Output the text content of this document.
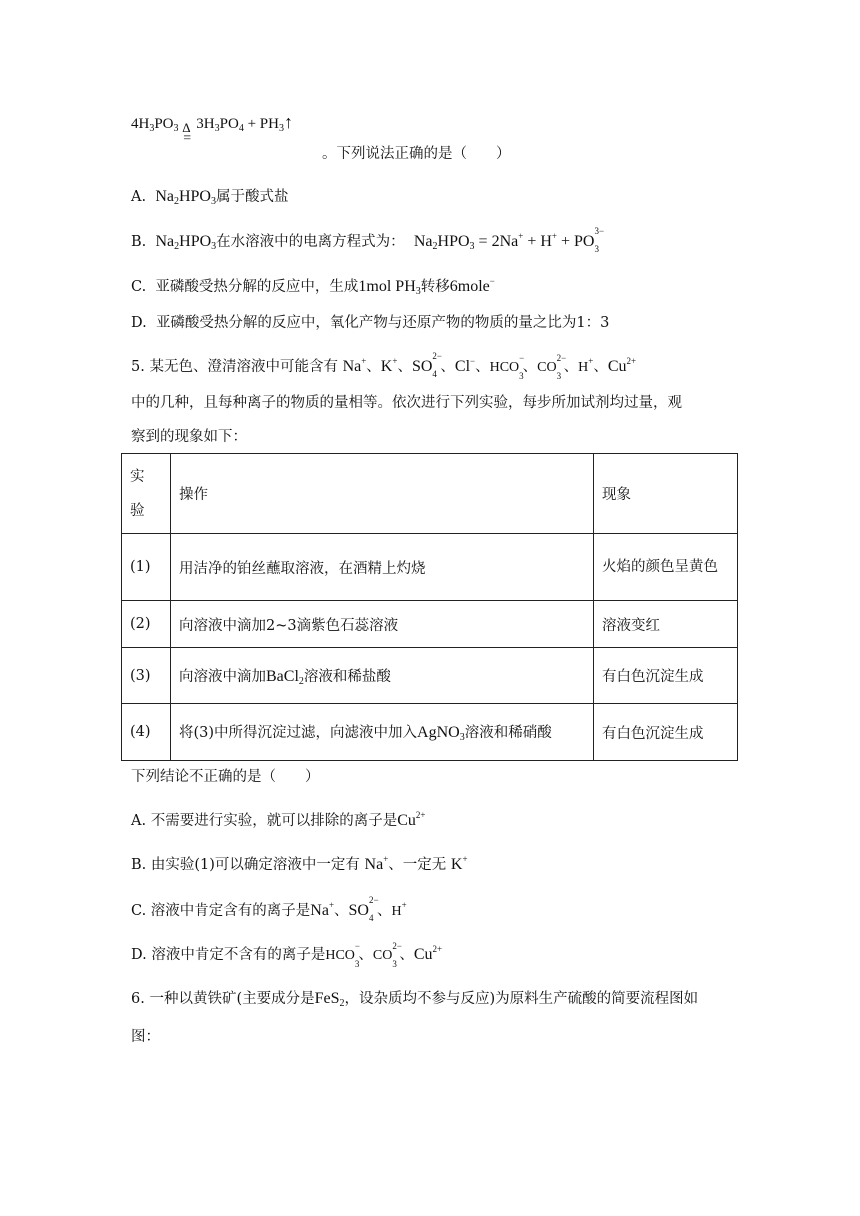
$4H_3PO_3$ Δ
=
$3H_3PO_4$ + $PH_3↑$
。下列说法正确的是（　　）
A. $Na_2HPO_3$属于酸式盐
B. $Na_2HPO_3$在水溶液中的电离方程式为： $Na_2HPO_3 = 2Na^+ + H^+$ + PO
3−
3

C. 亚磷酸受热分解的反应中，生成1mol $PH_3$转移6mole−
D. 亚磷酸受热分解的反应中，氧化产物与还原产物的物质的量之比为1：3
5. 某无色、澄清溶液中可能含有 Na+、K+、SO
2−
4 、Cl−、HCO
−
3
、CO
2−
3
、H+、$Cu^{2+}$
中的几种，且每种离子的物质的量相等。依次进行下列实验，每步所加试剂均过量，观
察到的现象如下：
实
验	操作	现象
(1)	用洁净的铂丝蘸取溶液，在酒精上灼烧	火焰的颜色呈黄色

(2)	向溶液中滴加2~3滴紫色石蕊溶液	溶液变红
(3)	向溶液中滴加BaCl$_2$溶液和稀盐酸	有白色沉淀生成
(4)	将(3)中所得沉淀过滤，向滤液中加入AgNO$_3$溶液和稀硝酸	有白色沉淀生成
下列结论不正确的是（　　）
A. 不需要进行实验，就可以排除的离子是$Cu^{2+}$
B. 由实验(1)可以确定溶液中一定有 Na+、一定无 K+
C. 溶液中肯定含有的离子是Na+、SO
2−
4 、H+
D. 溶液中肯定不含有的离子是HCO
−
3
、CO
2−
3
、$Cu^{2+}$
6. 一种以黄铁矿(主要成分是FeS$_2$，设杂质均不参与反应)为原料生产硫酸的简要流程图如
图：
